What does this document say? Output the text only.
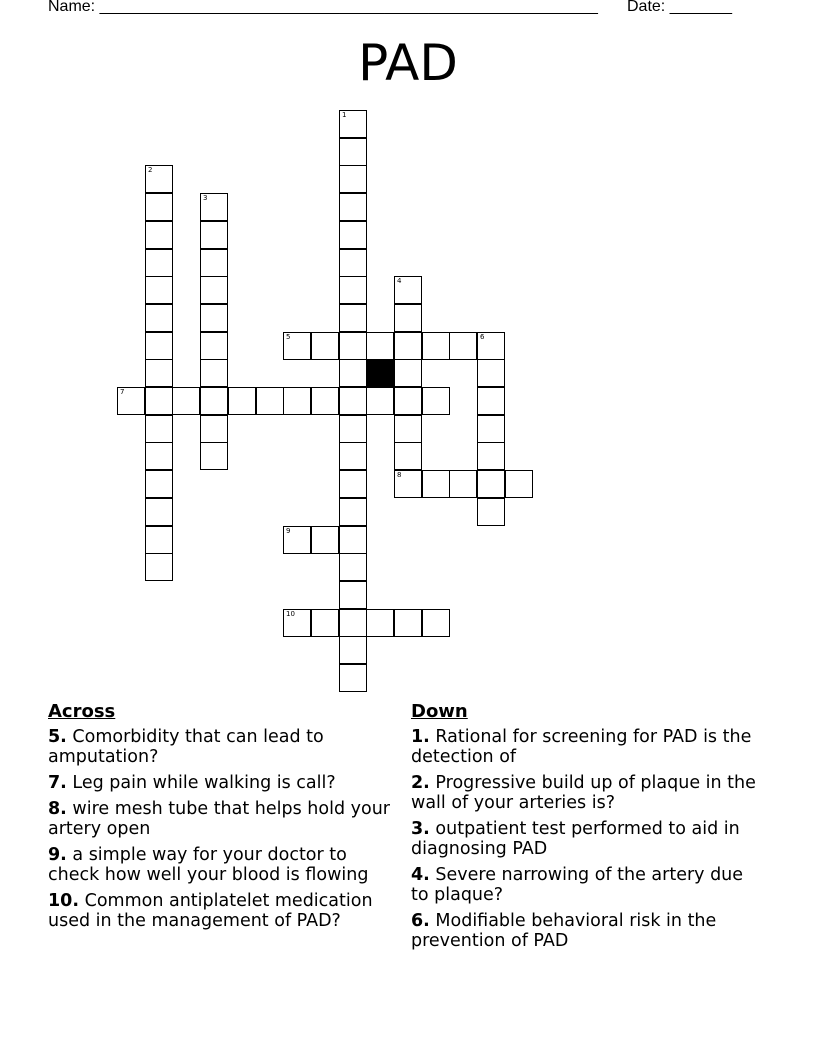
Name: ________________________________________________________ Date: _______
PAD
1
2
3
4
6
5
7
8
9
10
Across
5. Comorbidity that can lead to amputation?
7. Leg pain while walking is call?
8. wire mesh tube that helps hold your artery open
9. a simple way for your doctor to check how well your blood is flowing
10. Common antiplatelet medication used in the management of PAD?
Down
1. Rational for screening for PAD is the detection of
2. Progressive build up of plaque in the wall of your arteries is?
3. outpatient test performed to aid in diagnosing PAD
4. Severe narrowing of the artery due to plaque?
6. Modifiable behavioral risk in the prevention of PAD
